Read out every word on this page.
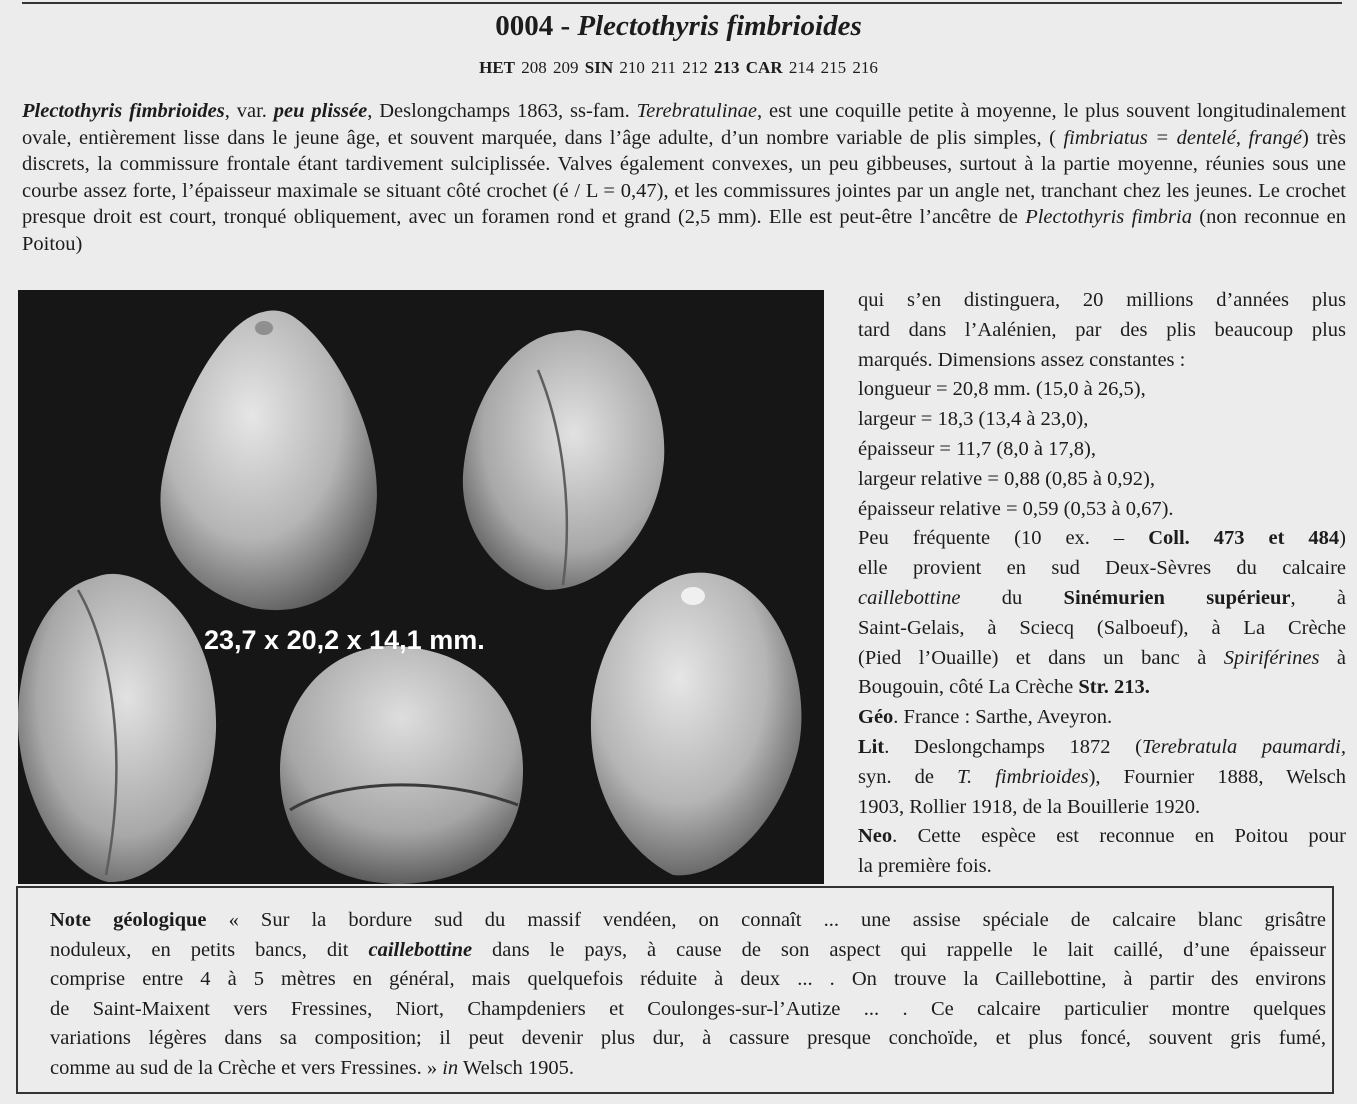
0004 - Plectothyris fimbrioides
HET 208 209 SIN 210 211 212 213 CAR 214 215 216
Plectothyris fimbrioides, var. peu plissée, Deslongchamps 1863, ss-fam. Terebratulinae, est une coquille petite à moyenne, le plus souvent longitudinalement ovale, entièrement lisse dans le jeune âge, et souvent marquée, dans l’âge adulte, d’un nombre variable de plis simples, ( fimbriatus = dentelé, frangé) très discrets, la commissure frontale étant tardivement sulciplissée. Valves également convexes, un peu gibbeuses, surtout à la partie moyenne, réunies sous une courbe assez forte, l’épaisseur maximale se situant côté crochet (é / L = 0,47), et les commissures jointes par un angle net, tranchant chez les jeunes. Le crochet presque droit est court, tronqué obliquement, avec un foramen rond et grand (2,5 mm). Elle est peut-être l’ancêtre de Plectothyris fimbria (non reconnue en Poitou)
23,7 x 20,2 x 14,1 mm.
qui s’en distinguera, 20 millions d’années plus
tard dans l’Aalénien, par des plis beaucoup plus
marqués. Dimensions assez constantes :
longueur = 20,8 mm. (15,0 à 26,5),
largeur = 18,3 (13,4 à 23,0),
épaisseur = 11,7 (8,0 à 17,8),
largeur relative = 0,88 (0,85 à 0,92),
épaisseur relative = 0,59 (0,53 à 0,67).
Peu fréquente (10 ex. – Coll. 473 et 484)
elle provient en sud Deux-Sèvres du calcaire
caillebottine du Sinémurien supérieur, à
Saint-Gelais, à Sciecq (Salboeuf), à La Crèche
(Pied l’Ouaille) et dans un banc à Spiriférines à
Bougouin, côté La Crèche Str. 213.
Géo. France : Sarthe, Aveyron.
Lit. Deslongchamps 1872 (Terebratula paumardi,
syn. de T. fimbrioides), Fournier 1888, Welsch
1903, Rollier 1918, de la Bouillerie 1920.
Neo. Cette espèce est reconnue en Poitou pour
la première fois.
Note géologique « Sur la bordure sud du massif vendéen, on connaît ... une assise spéciale de calcaire blanc grisâtre
noduleux, en petits bancs, dit caillebottine dans le pays, à cause de son aspect qui rappelle le lait caillé, d’une épaisseur
comprise entre 4 à 5 mètres en général, mais quelquefois réduite à deux ... . On trouve la Caillebottine, à partir des environs
de Saint-Maixent vers Fressines, Niort, Champdeniers et Coulonges-sur-l’Autize ... . Ce calcaire particulier montre quelques
variations légères dans sa composition; il peut devenir plus dur, à cassure presque conchoïde, et plus foncé, souvent gris fumé,
comme au sud de la Crèche et vers Fressines. » in Welsch 1905.
